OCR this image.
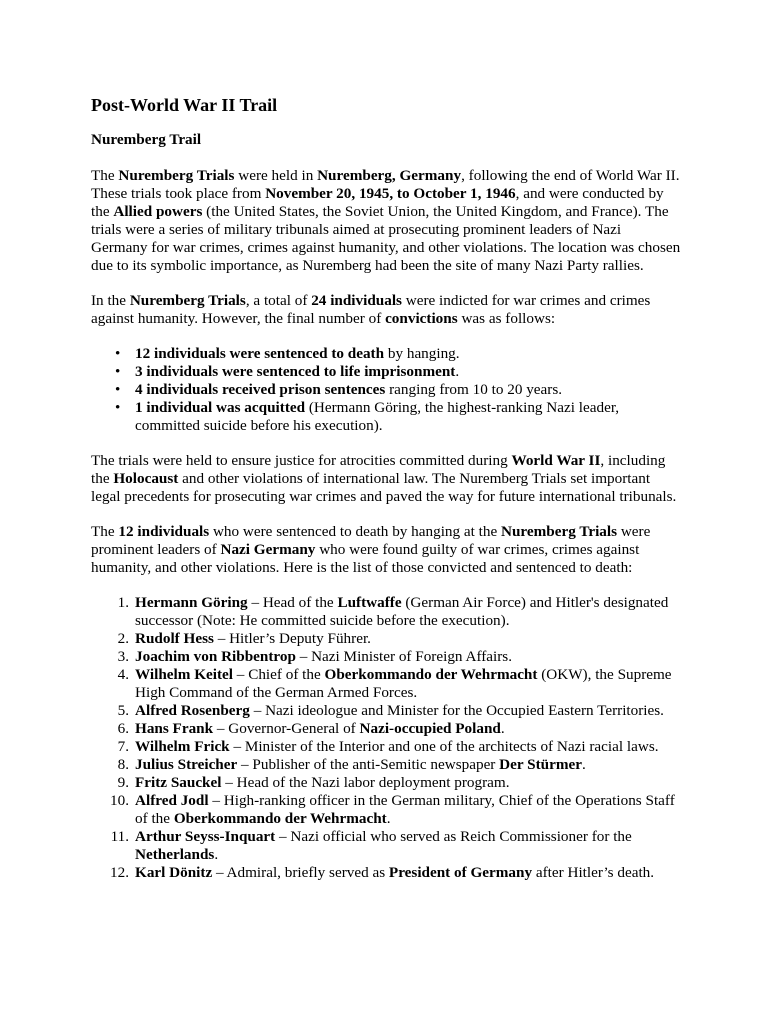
Post-World War II Trail
Nuremberg Trail

The Nuremberg Trials were held in Nuremberg, Germany, following the end of World War II. These trials took place from November 20, 1945, to October 1, 1946, and were conducted by the Allied powers (the United States, the Soviet Union, the United Kingdom, and France). The trials were a series of military tribunals aimed at prosecuting prominent leaders of Nazi Germany for war crimes, crimes against humanity, and other violations. The location was chosen due to its symbolic importance, as Nuremberg had been the site of many Nazi Party rallies.

In the Nuremberg Trials, a total of 24 individuals were indicted for war crimes and crimes against humanity. However, the final number of convictions was as follows:

• 12 individuals were sentenced to death by hanging.
• 3 individuals were sentenced to life imprisonment.
• 4 individuals received prison sentences ranging from 10 to 20 years.
• 1 individual was acquitted (Hermann Göring, the highest-ranking Nazi leader, committed suicide before his execution).

The trials were held to ensure justice for atrocities committed during World War II, including the Holocaust and other violations of international law. The Nuremberg Trials set important legal precedents for prosecuting war crimes and paved the way for future international tribunals.

The 12 individuals who were sentenced to death by hanging at the Nuremberg Trials were prominent leaders of Nazi Germany who were found guilty of war crimes, crimes against humanity, and other violations. Here is the list of those convicted and sentenced to death:

1. Hermann Göring – Head of the Luftwaffe (German Air Force) and Hitler's designated successor (Note: He committed suicide before the execution).
2. Rudolf Hess – Hitler’s Deputy Führer.
3. Joachim von Ribbentrop – Nazi Minister of Foreign Affairs.
4. Wilhelm Keitel – Chief of the Oberkommando der Wehrmacht (OKW), the Supreme High Command of the German Armed Forces.
5. Alfred Rosenberg – Nazi ideologue and Minister for the Occupied Eastern Territories.
6. Hans Frank – Governor-General of Nazi-occupied Poland.
7. Wilhelm Frick – Minister of the Interior and one of the architects of Nazi racial laws.
8. Julius Streicher – Publisher of the anti-Semitic newspaper Der Stürmer.
9. Fritz Sauckel – Head of the Nazi labor deployment program.
10. Alfred Jodl – High-ranking officer in the German military, Chief of the Operations Staff of the Oberkommando der Wehrmacht.
11. Arthur Seyss-Inquart – Nazi official who served as Reich Commissioner for the Netherlands.
12. Karl Dönitz – Admiral, briefly served as President of Germany after Hitler’s death.
